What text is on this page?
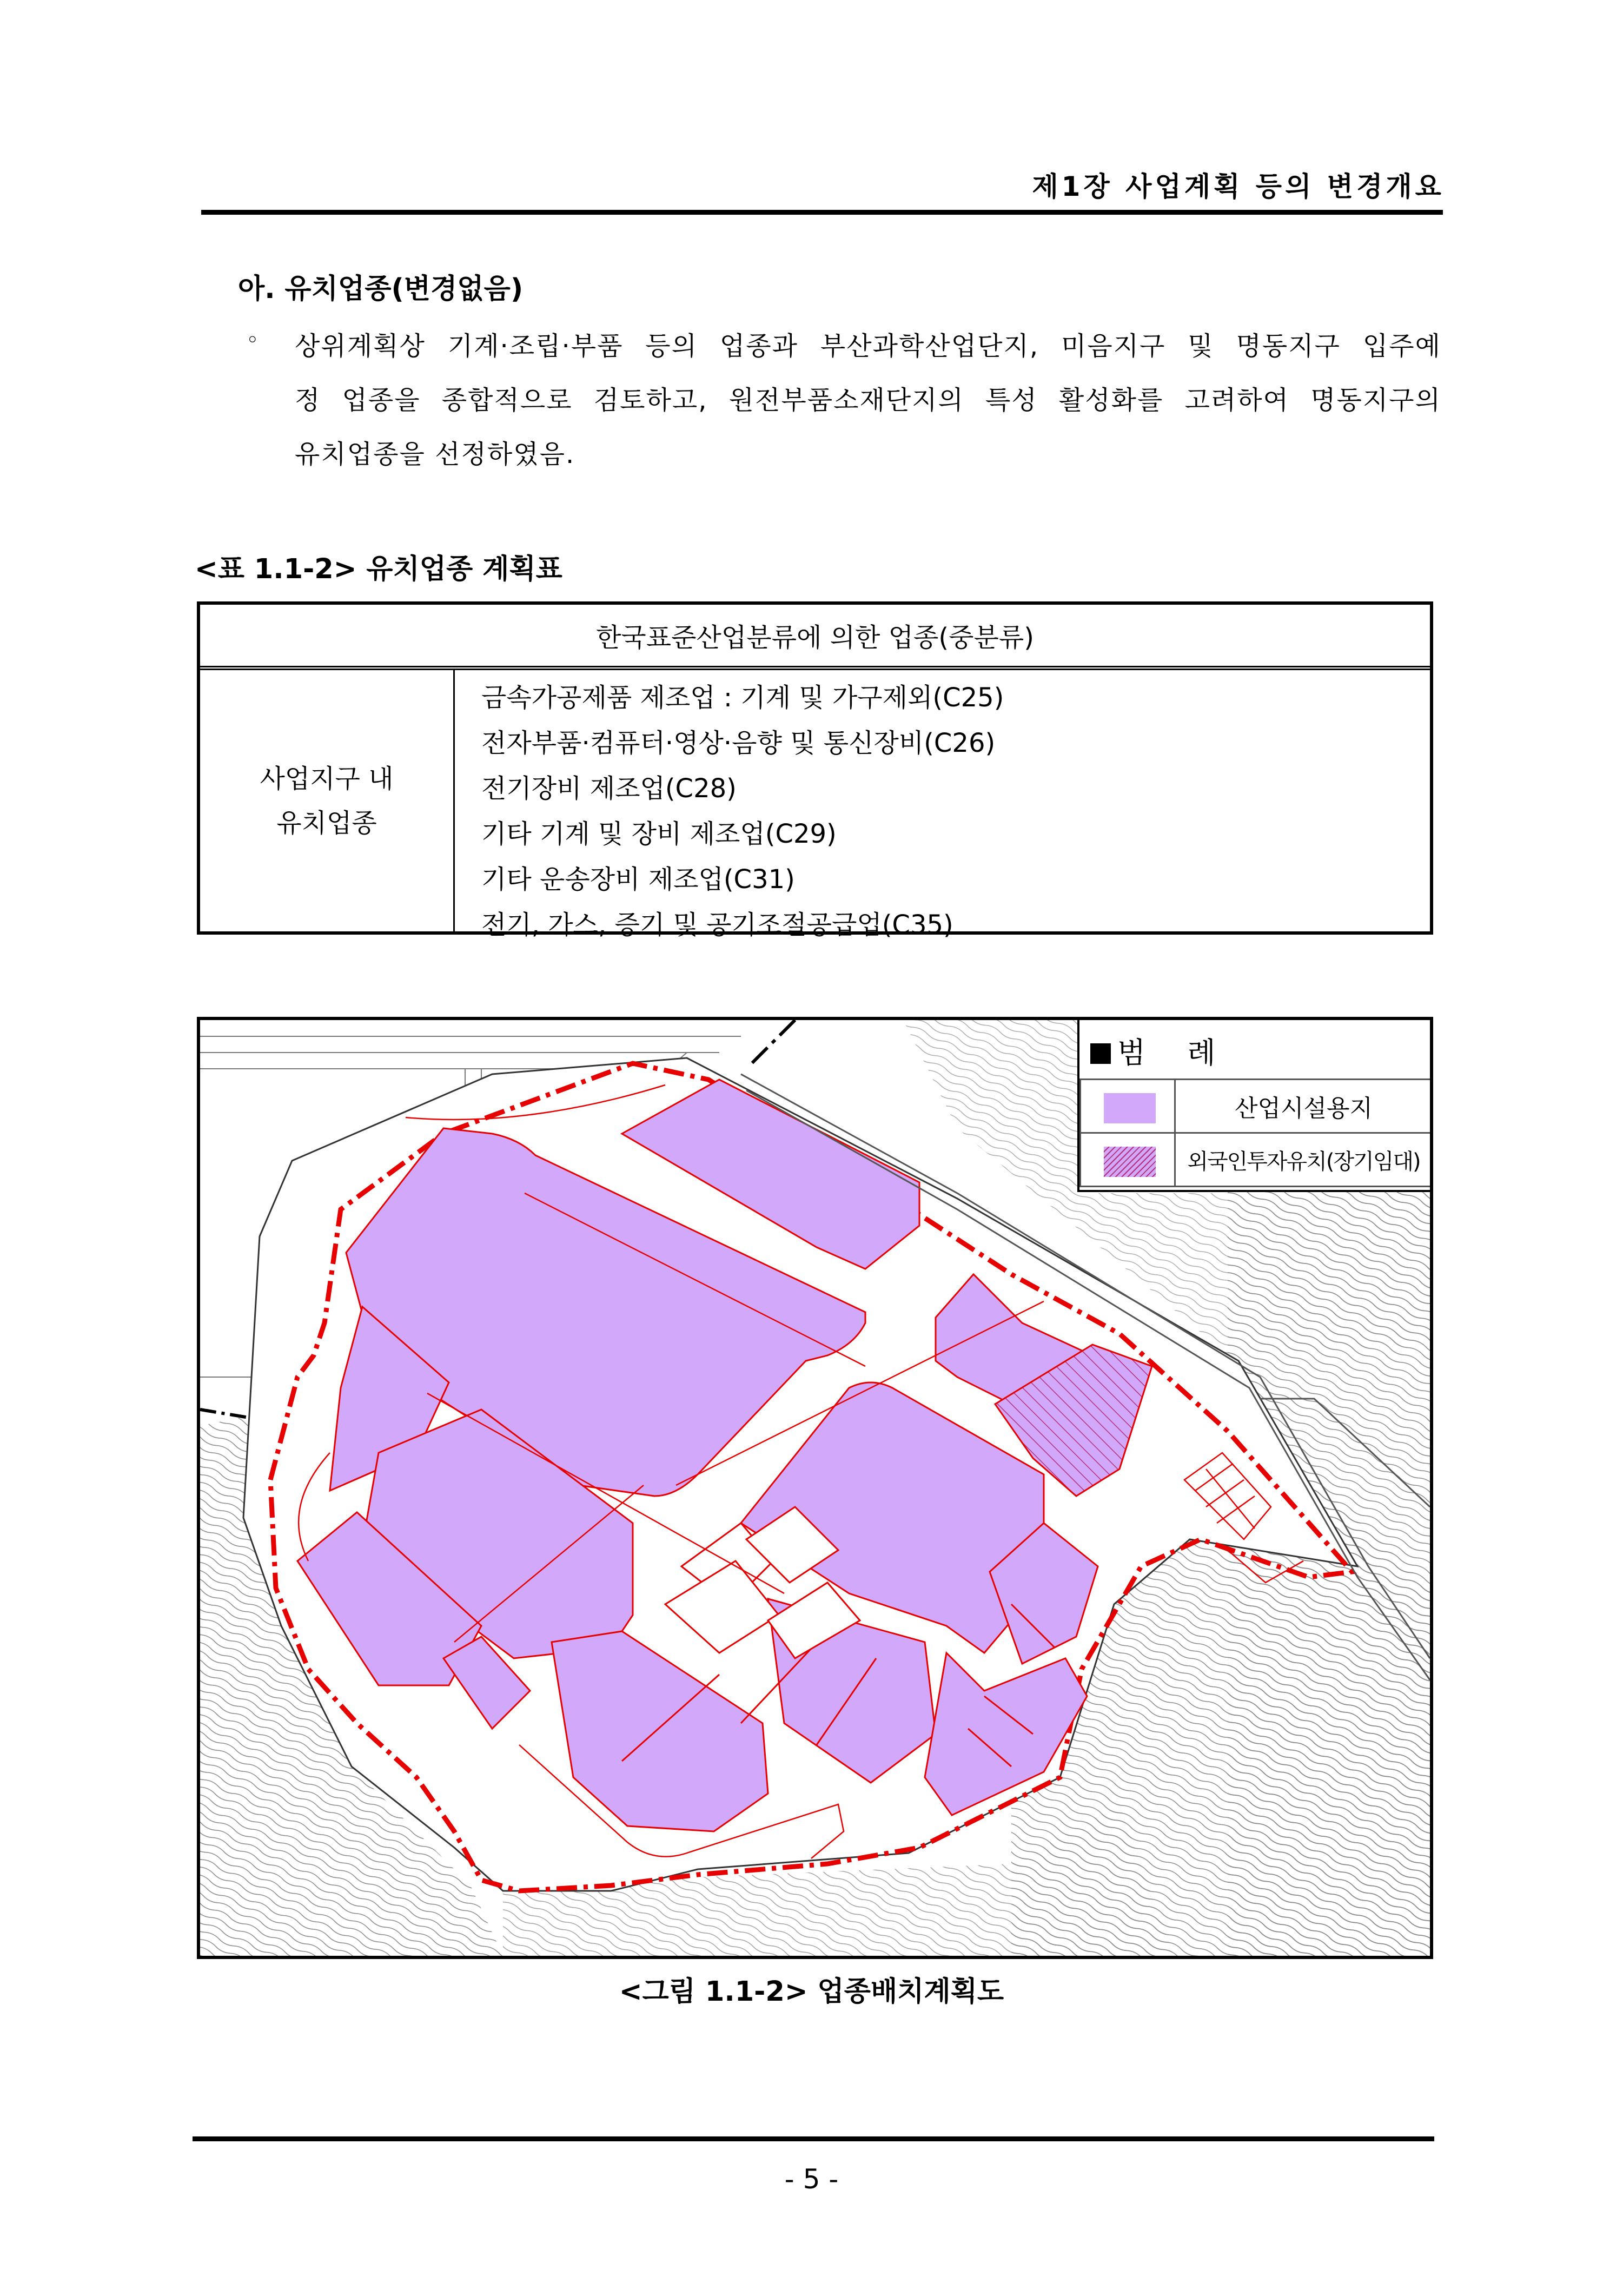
제1장 사업계획 등의 변경개요
아. 유치업종(변경없음)
◦ 상위계획상 기계·조립·부품 등의 업종과 부산과학산업단지, 미음지구 및 명동지구 입주예
정 업종을 종합적으로 검토하고, 원전부품소재단지의 특성 활성화를 고려하여 명동지구의
유치업종을 선정하였음.
<표 1.1-2> 유치업종 계획표
한국표준산업분류에 의한 업종(중분류)
사업지구 내
유치업종
금속가공제품 제조업 : 기계 및 가구제외(C25)
전자부품·컴퓨터·영상·음향 및 통신장비(C26)
전기장비 제조업(C28)
기타 기계 및 장비 제조업(C29)
기타 운송장비 제조업(C31)
전기, 가스, 증기 및 공기조절공급업(C35)
범 례
산업시설용지
외국인투자유치(장기임대)
<그림 1.1-2> 업종배치계획도
- 5 -
